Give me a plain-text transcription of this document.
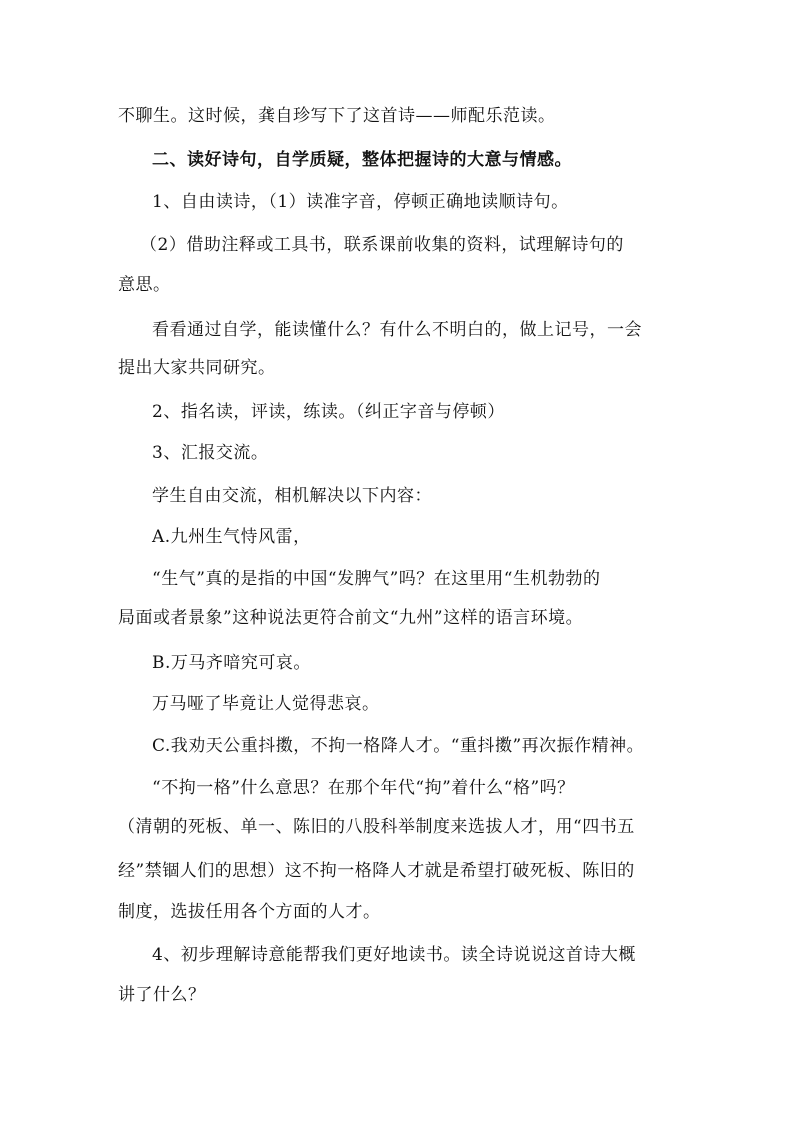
不聊生。这时候，龚自珍写下了这首诗——师配乐范读。
二、读好诗句，自学质疑，整体把握诗的大意与情感。
1、自由读诗，（1）读准字音，停顿正确地读顺诗句。
（2）借助注释或工具书，联系课前收集的资料，试理解诗句的
意思。
看看通过自学，能读懂什么？有什么不明白的，做上记号，一会
提出大家共同研究。
2、指名读，评读，练读。（纠正字音与停顿）
3、汇报交流。
学生自由交流，相机解决以下内容：
A.九州生气恃风雷，
“生气”真的是指的中国“发脾气”吗？在这里用“生机勃勃的
局面或者景象”这种说法更符合前文“九州”这样的语言环境。
B.万马齐喑究可哀。
万马哑了毕竟让人觉得悲哀。
C.我劝天公重抖擞，不拘一格降人才。“重抖擞”再次振作精神。
“不拘一格”什么意思？在那个年代“拘”着什么“格”吗？
（清朝的死板、单一、陈旧的八股科举制度来选拔人才，用“四书五
经”禁锢人们的思想）这不拘一格降人才就是希望打破死板、陈旧的
制度，选拔任用各个方面的人才。
4、初步理解诗意能帮我们更好地读书。读全诗说说这首诗大概
讲了什么？
